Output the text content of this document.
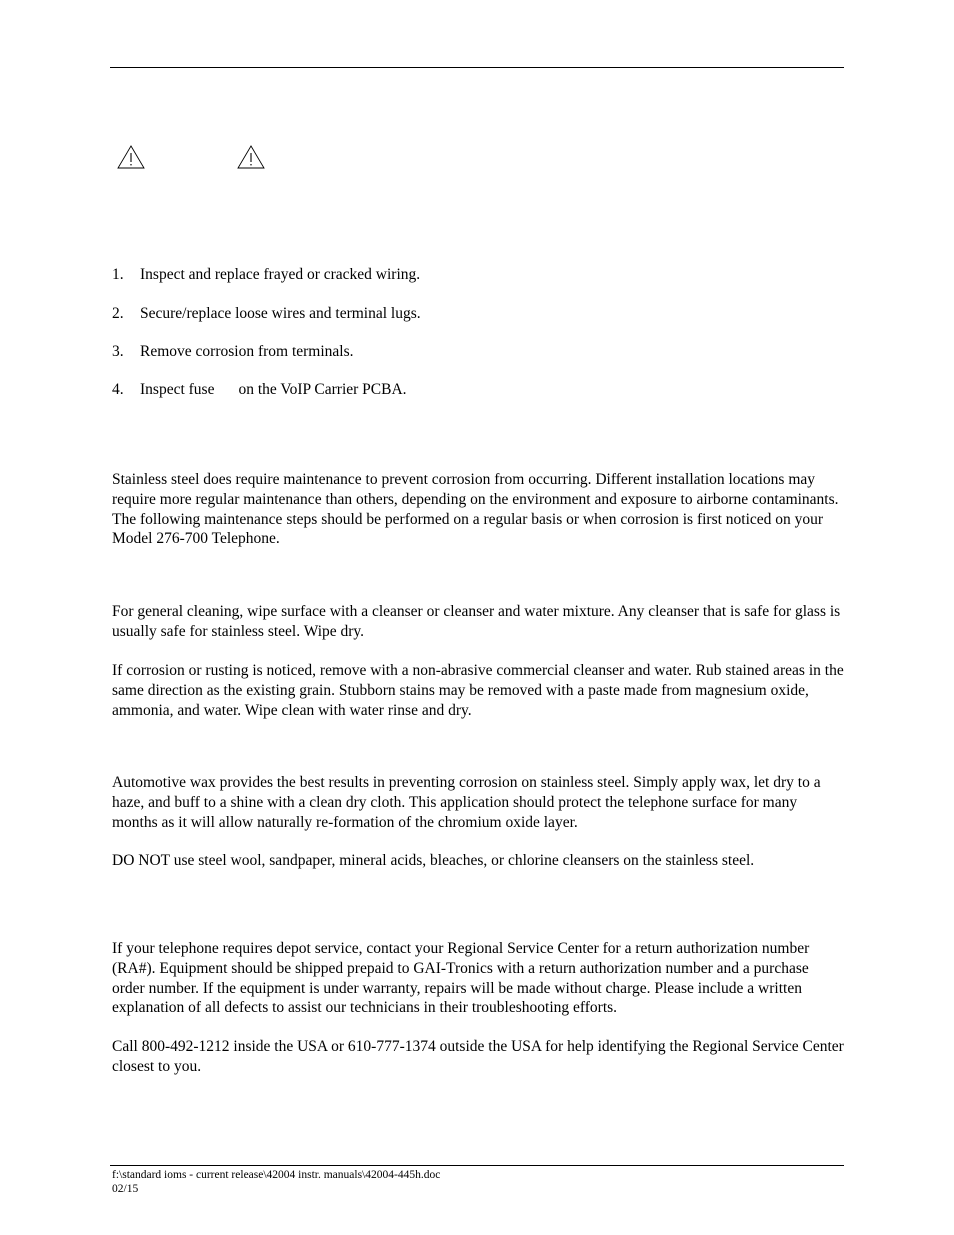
1. Inspect and replace frayed or cracked wiring.
2. Secure/replace loose wires and terminal lugs.
3. Remove corrosion from terminals.
4. Inspect fuse on the VoIP Carrier PCBA.

Stainless steel does require maintenance to prevent corrosion from occurring. Different installation locations may require more regular maintenance than others, depending on the environment and exposure to airborne contaminants. The following maintenance steps should be performed on a regular basis or when corrosion is first noticed on your Model 276-700 Telephone.

For general cleaning, wipe surface with a cleanser or cleanser and water mixture. Any cleanser that is safe for glass is usually safe for stainless steel. Wipe dry.

If corrosion or rusting is noticed, remove with a non-abrasive commercial cleanser and water. Rub stained areas in the same direction as the existing grain. Stubborn stains may be removed with a paste made from magnesium oxide, ammonia, and water. Wipe clean with water rinse and dry.

Automotive wax provides the best results in preventing corrosion on stainless steel. Simply apply wax, let dry to a haze, and buff to a shine with a clean dry cloth. This application should protect the telephone surface for many months as it will allow naturally re-formation of the chromium oxide layer.

DO NOT use steel wool, sandpaper, mineral acids, bleaches, or chlorine cleansers on the stainless steel.

If your telephone requires depot service, contact your Regional Service Center for a return authorization number (RA#). Equipment should be shipped prepaid to GAI-Tronics with a return authorization number and a purchase order number. If the equipment is under warranty, repairs will be made without charge. Please include a written explanation of all defects to assist our technicians in their troubleshooting efforts.

Call 800-492-1212 inside the USA or 610-777-1374 outside the USA for help identifying the Regional Service Center closest to you.

f:\standard ioms - current release\42004 instr. manuals\42004-445h.doc

02/15
